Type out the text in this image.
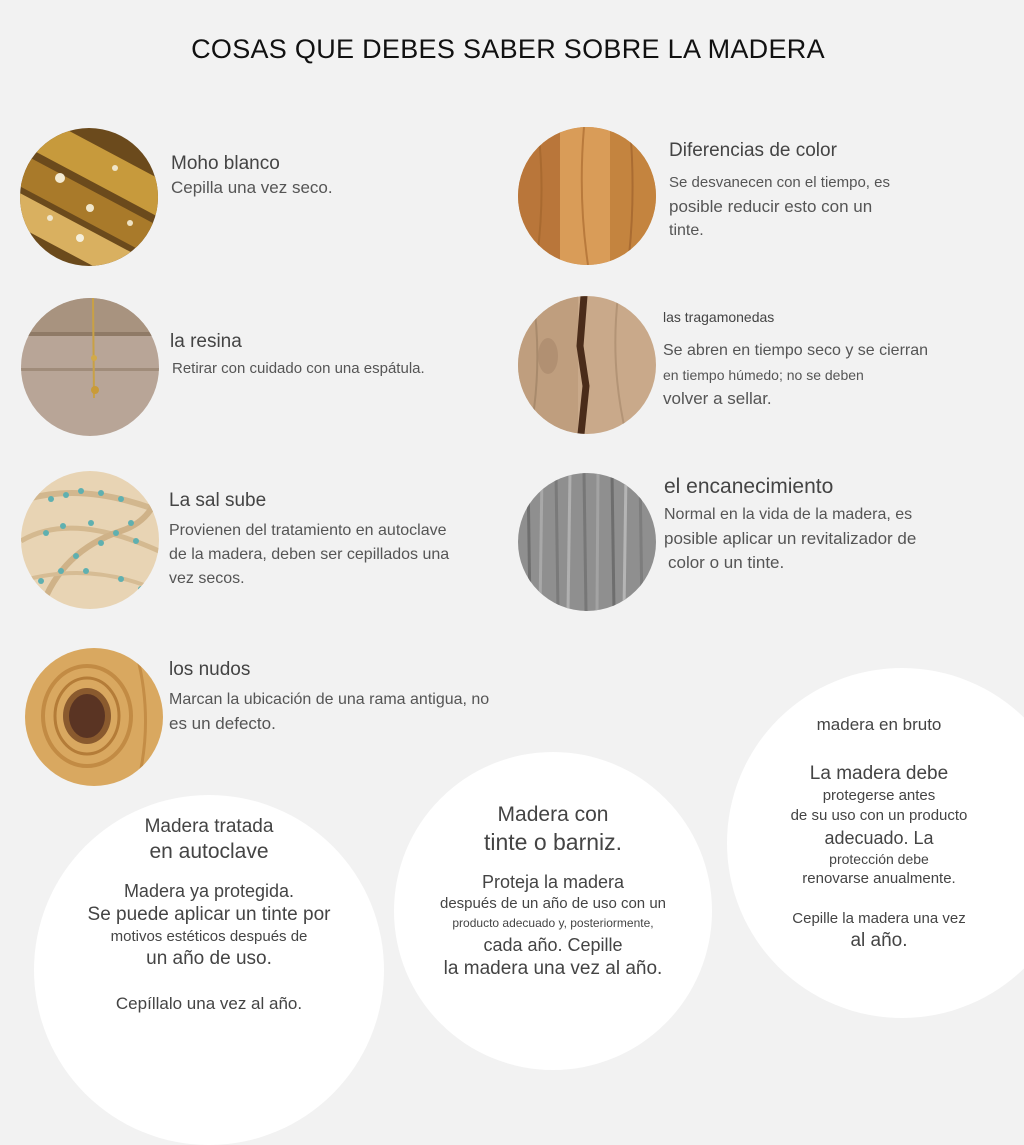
COSAS QUE DEBES SABER SOBRE LA MADERA
Moho blanco
Cepilla una vez seco.
Diferencias de color
Se desvanecen con el tiempo, es
posible reducir esto con un
tinte.
la resina
Retirar con cuidado con una espátula.
las tragamonedas
Se abren en tiempo seco y se cierran
en tiempo húmedo; no se deben
volver a sellar.
La sal sube
Provienen del tratamiento en autoclave
de la madera, deben ser cepillados una
vez secos.
el encanecimiento
Normal en la vida de la madera, es
posible aplicar un revitalizador de
color o un tinte.
los nudos
Marcan la ubicación de una rama antigua, no
es un defecto.
Madera tratada
en autoclave
Madera ya protegida.
Se puede aplicar un tinte por
motivos estéticos después de
un año de uso.
Cepíllalo una vez al año.
Madera con
tinte o barniz.
Proteja la madera
después de un año de uso con un
producto adecuado y, posteriormente,
cada año. Cepille
la madera una vez al año.
madera en bruto
La madera debe
protegerse antes
de su uso con un producto
adecuado. La
protección debe
renovarse anualmente.
Cepille la madera una vez
al año.
